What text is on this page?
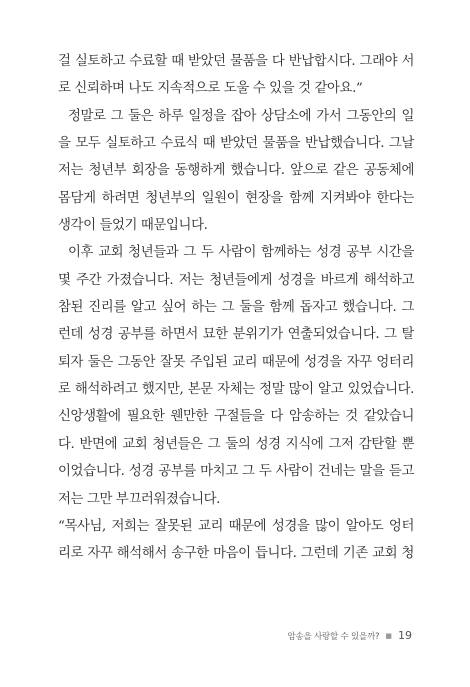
걸 실토하고 수료할 때 받았던 물품을 다 반납합시다. 그래야 서
로 신뢰하며 나도 지속적으로 도울 수 있을 것 같아요.”
정말로 그 둘은 하루 일정을 잡아 상담소에 가서 그동안의 일
을 모두 실토하고 수료식 때 받았던 물품을 반납했습니다. 그날
저는 청년부 회장을 동행하게 했습니다. 앞으로 같은 공동체에
몸담게 하려면 청년부의 일원이 현장을 함께 지켜봐야 한다는
생각이 들었기 때문입니다.
이후 교회 청년들과 그 두 사람이 함께하는 성경 공부 시간을
몇 주간 가졌습니다. 저는 청년들에게 성경을 바르게 해석하고
참된 진리를 알고 싶어 하는 그 둘을 함께 돕자고 했습니다. 그
런데 성경 공부를 하면서 묘한 분위기가 연출되었습니다. 그 탈
퇴자 둘은 그동안 잘못 주입된 교리 때문에 성경을 자꾸 엉터리
로 해석하려고 했지만, 본문 자체는 정말 많이 알고 있었습니다.
신앙생활에 필요한 웬만한 구절들을 다 암송하는 것 같았습니
다. 반면에 교회 청년들은 그 둘의 성경 지식에 그저 감탄할 뿐
이었습니다. 성경 공부를 마치고 그 두 사람이 건네는 말을 듣고
저는 그만 부끄러워졌습니다.
“목사님, 저희는 잘못된 교리 때문에 성경을 많이 알아도 엉터
리로 자꾸 해석해서 송구한 마음이 듭니다. 그런데 기존 교회 청
암송을 사랑할 수 있을까? ■ 19
